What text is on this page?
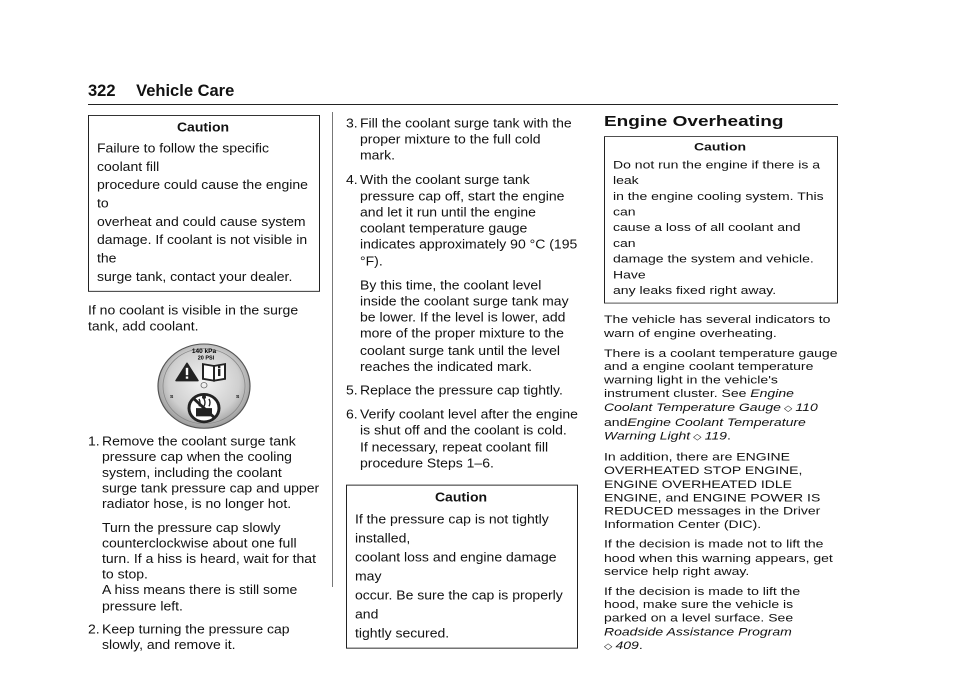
322 Vehicle Care
Caution
Failure to follow the specific coolant fill
procedure could cause the engine to
overheat and could cause system
damage. If coolant is not visible in the
surge tank, contact your dealer.

If no coolant is visible in the surge tank, add coolant.

140 kPa
20 PSI
S	S
1. Remove the coolant surge tank pressure cap when the cooling system, including the coolant surge tank pressure cap and upper radiator hose, is no longer hot.

Turn the pressure cap slowly counterclockwise about one full turn. If a hiss is heard, wait for that to stop.

A hiss means there is still some pressure left.

2. Keep turning the pressure cap slowly, and remove it.
3. Fill the coolant surge tank with the proper mixture to the full cold mark.
4. With the coolant surge tank pressure cap off, start the engine and let it run until the engine coolant temperature gauge indicates approximately 90 °C (195 °F).

By this time, the coolant level inside the coolant surge tank may be lower. If the level is lower, add more of the proper mixture to the coolant surge tank until the level reaches the indicated mark.

5. Replace the pressure cap tightly.
6. Verify coolant level after the engine is shut off and the coolant is cold.

If necessary, repeat coolant fill procedure Steps 1–6.

Caution
If the pressure cap is not tightly installed,
coolant loss and engine damage may
occur. Be sure the cap is properly and
tightly secured.
Engine Overheating
Caution
Do not run the engine if there is a leak
in the engine cooling system. This can
cause a loss of all coolant and can
damage the system and vehicle. Have
any leaks fixed right away.

The vehicle has several indicators to warn of engine overheating.

There is a coolant temperature gauge and a engine coolant temperature warning light in the vehicle's instrument cluster. See Engine Coolant Temperature Gauge ◇ 110 andEngine Coolant Temperature Warning Light ◇ 119.

In addition, there are ENGINE OVERHEATED STOP ENGINE, ENGINE OVERHEATED IDLE ENGINE, and ENGINE POWER IS REDUCED messages in the Driver Information Center (DIC).

If the decision is made not to lift the hood when this warning appears, get service help right away.

If the decision is made to lift the hood, make sure the vehicle is parked on a level surface. See Roadside Assistance Program
◇ 409.
